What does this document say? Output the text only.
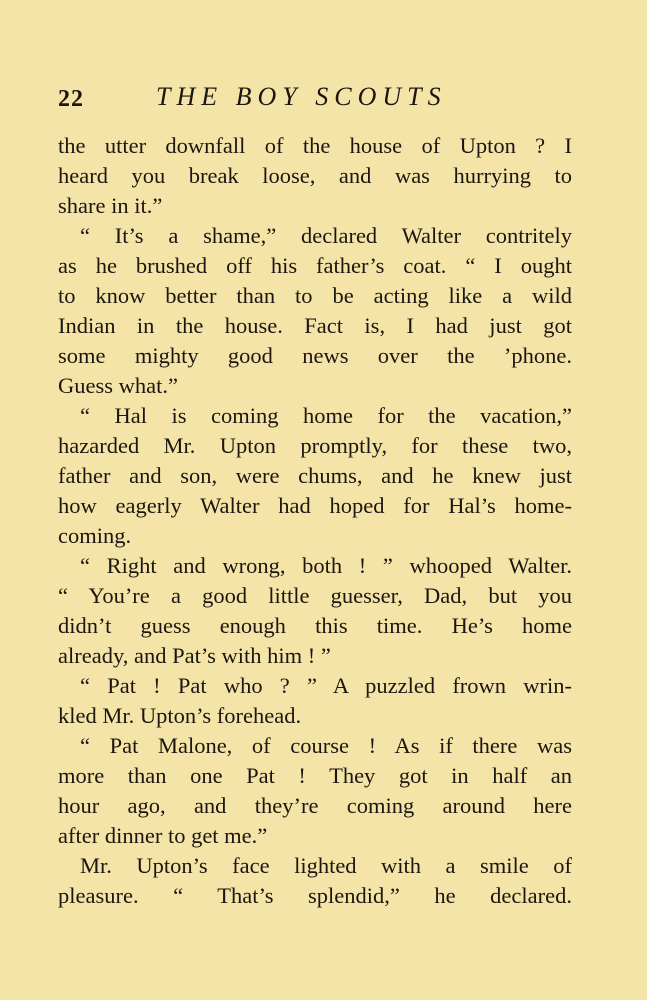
22	THE BOY SCOUTS
the utter downfall of the house of Upton ? I
heard you break loose, and was hurrying to
share in it.”
“ It’s a shame,” declared Walter contritely
as he brushed off his father’s coat. “ I ought
to know better than to be acting like a wild
Indian in the house. Fact is, I had just got
some mighty good news over the ’phone.
Guess what.”
“ Hal is coming home for the vacation,”
hazarded Mr. Upton promptly, for these two,
father and son, were chums, and he knew just
how eagerly Walter had hoped for Hal’s home-
coming.
“ Right and wrong, both ! ” whooped Walter.
“ You’re a good little guesser, Dad, but you
didn’t guess enough this time. He’s home
already, and Pat’s with him ! ”
“ Pat ! Pat who ? ” A puzzled frown wrin-
kled Mr. Upton’s forehead.
“ Pat Malone, of course ! As if there was
more than one Pat ! They got in half an
hour ago, and they’re coming around here
after dinner to get me.”
Mr. Upton’s face lighted with a smile of
pleasure. “ That’s splendid,” he declared.
